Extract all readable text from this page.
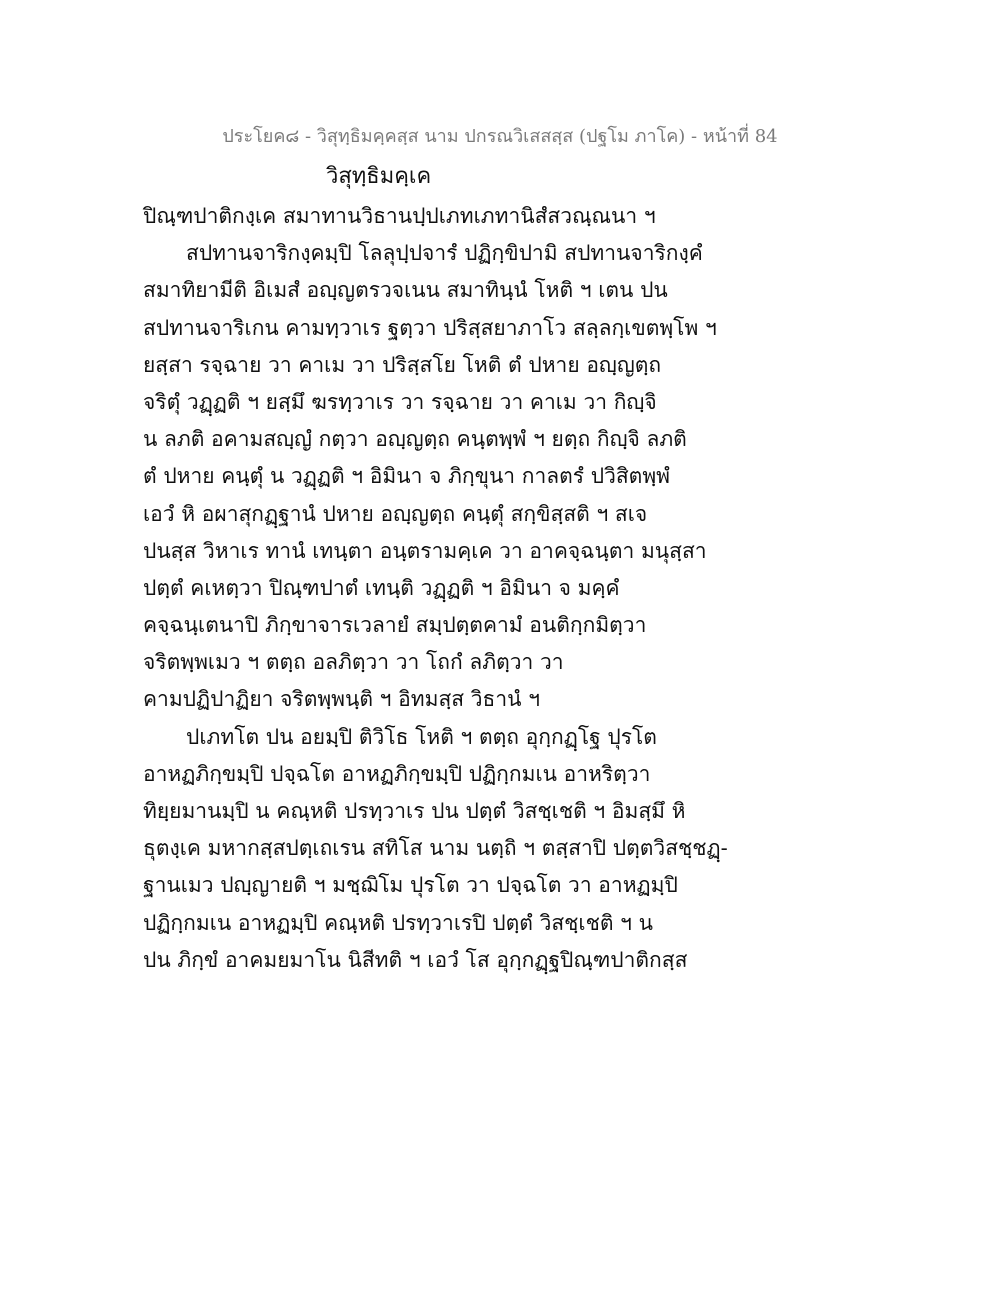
ประโยค๘ - วิสุทฺธิมคฺคสฺส นาม ปกรณวิเสสสฺส (ปฐโม ภาโค) - หน้าที่ 84
วิสุทฺธิมคฺเค
ปิณฺฑปาติกงฺเค สมาทานวิธานปฺปเภทเภทานิสํสวณฺณนา ฯ
สปทานจาริกงฺคมฺปิ โลลุปฺปจารํ ปฏิกฺขิปามิ สปทานจาริกงฺคํ
สมาทิยามีติ อิเมสํ อญฺญตรวจเนน สมาทินฺนํ โหติ ฯ เตน ปน
สปทานจาริเกน คามทฺวาเร ฐตฺวา ปริสฺสยาภาโว สลฺลกฺเขตพฺโพ ฯ
ยสฺสา รจฺฉาย วา คาเม วา ปริสฺสโย โหติ ตํ ปหาย อญฺญตฺถ
จริตุํ วฏฺฏติ ฯ ยสฺมึ ฆรทฺวาเร วา รจฺฉาย วา คาเม วา กิญฺจิ
น ลภติ อคามสญฺญํ กตฺวา อญฺญตฺถ คนฺตพฺพํ ฯ ยตฺถ กิญฺจิ ลภติ
ตํ ปหาย คนฺตุํ น วฏฺฏติ ฯ อิมินา จ ภิกฺขุนา กาลตรํ ปวิสิตพฺพํ
เอวํ หิ อผาสุกฏฺฐานํ ปหาย อญฺญตฺถ คนฺตุํ สกฺขิสฺสติ ฯ สเจ
ปนสฺส วิหาเร ทานํ เทนฺตา อนฺตรามคฺเค วา อาคจฺฉนฺตา มนุสฺสา
ปตฺตํ คเหตฺวา ปิณฺฑปาตํ เทนฺติ วฏฺฏติ ฯ อิมินา จ มคฺคํ
คจฺฉนฺเตนาปิ ภิกฺขาจารเวลายํ สมฺปตฺตคามํ อนติกฺกมิตฺวา
จริตพฺพเมว ฯ ตตฺถ อลภิตฺวา วา โถกํ ลภิตฺวา วา
คามปฏิปาฏิยา จริตพฺพนฺติ ฯ อิทมสฺส วิธานํ ฯ
ปเภทโต ปน อยมฺปิ ติวิโธ โหติ ฯ ตตฺถ อุกฺกฏฺโฐ ปุรโต
อาหฏภิกฺขมฺปิ ปจฺฉโต อาหฏภิกฺขมฺปิ ปฏิกฺกมเน อาหริตฺวา
ทิยฺยมานมฺปิ น คณฺหติ ปรทฺวาเร ปน ปตฺตํ วิสชฺเชติ ฯ อิมสฺมึ หิ
ธุตงฺเค มหากสฺสปตฺเถเรน สทิโส นาม นตฺถิ ฯ ตสฺสาปิ ปตฺตวิสชฺชฏฺ-
ฐานเมว ปญฺญายติ ฯ มชฺฌิโม ปุรโต วา ปจฺฉโต วา อาหฏมฺปิ
ปฏิกฺกมเน อาหฏมฺปิ คณฺหติ ปรทฺวาเรปิ ปตฺตํ วิสชฺเชติ ฯ น
ปน ภิกฺขํ อาคมยมาโน นิสีทติ ฯ เอวํ โส อุกฺกฏฺฐปิณฺฑปาติกสฺส
